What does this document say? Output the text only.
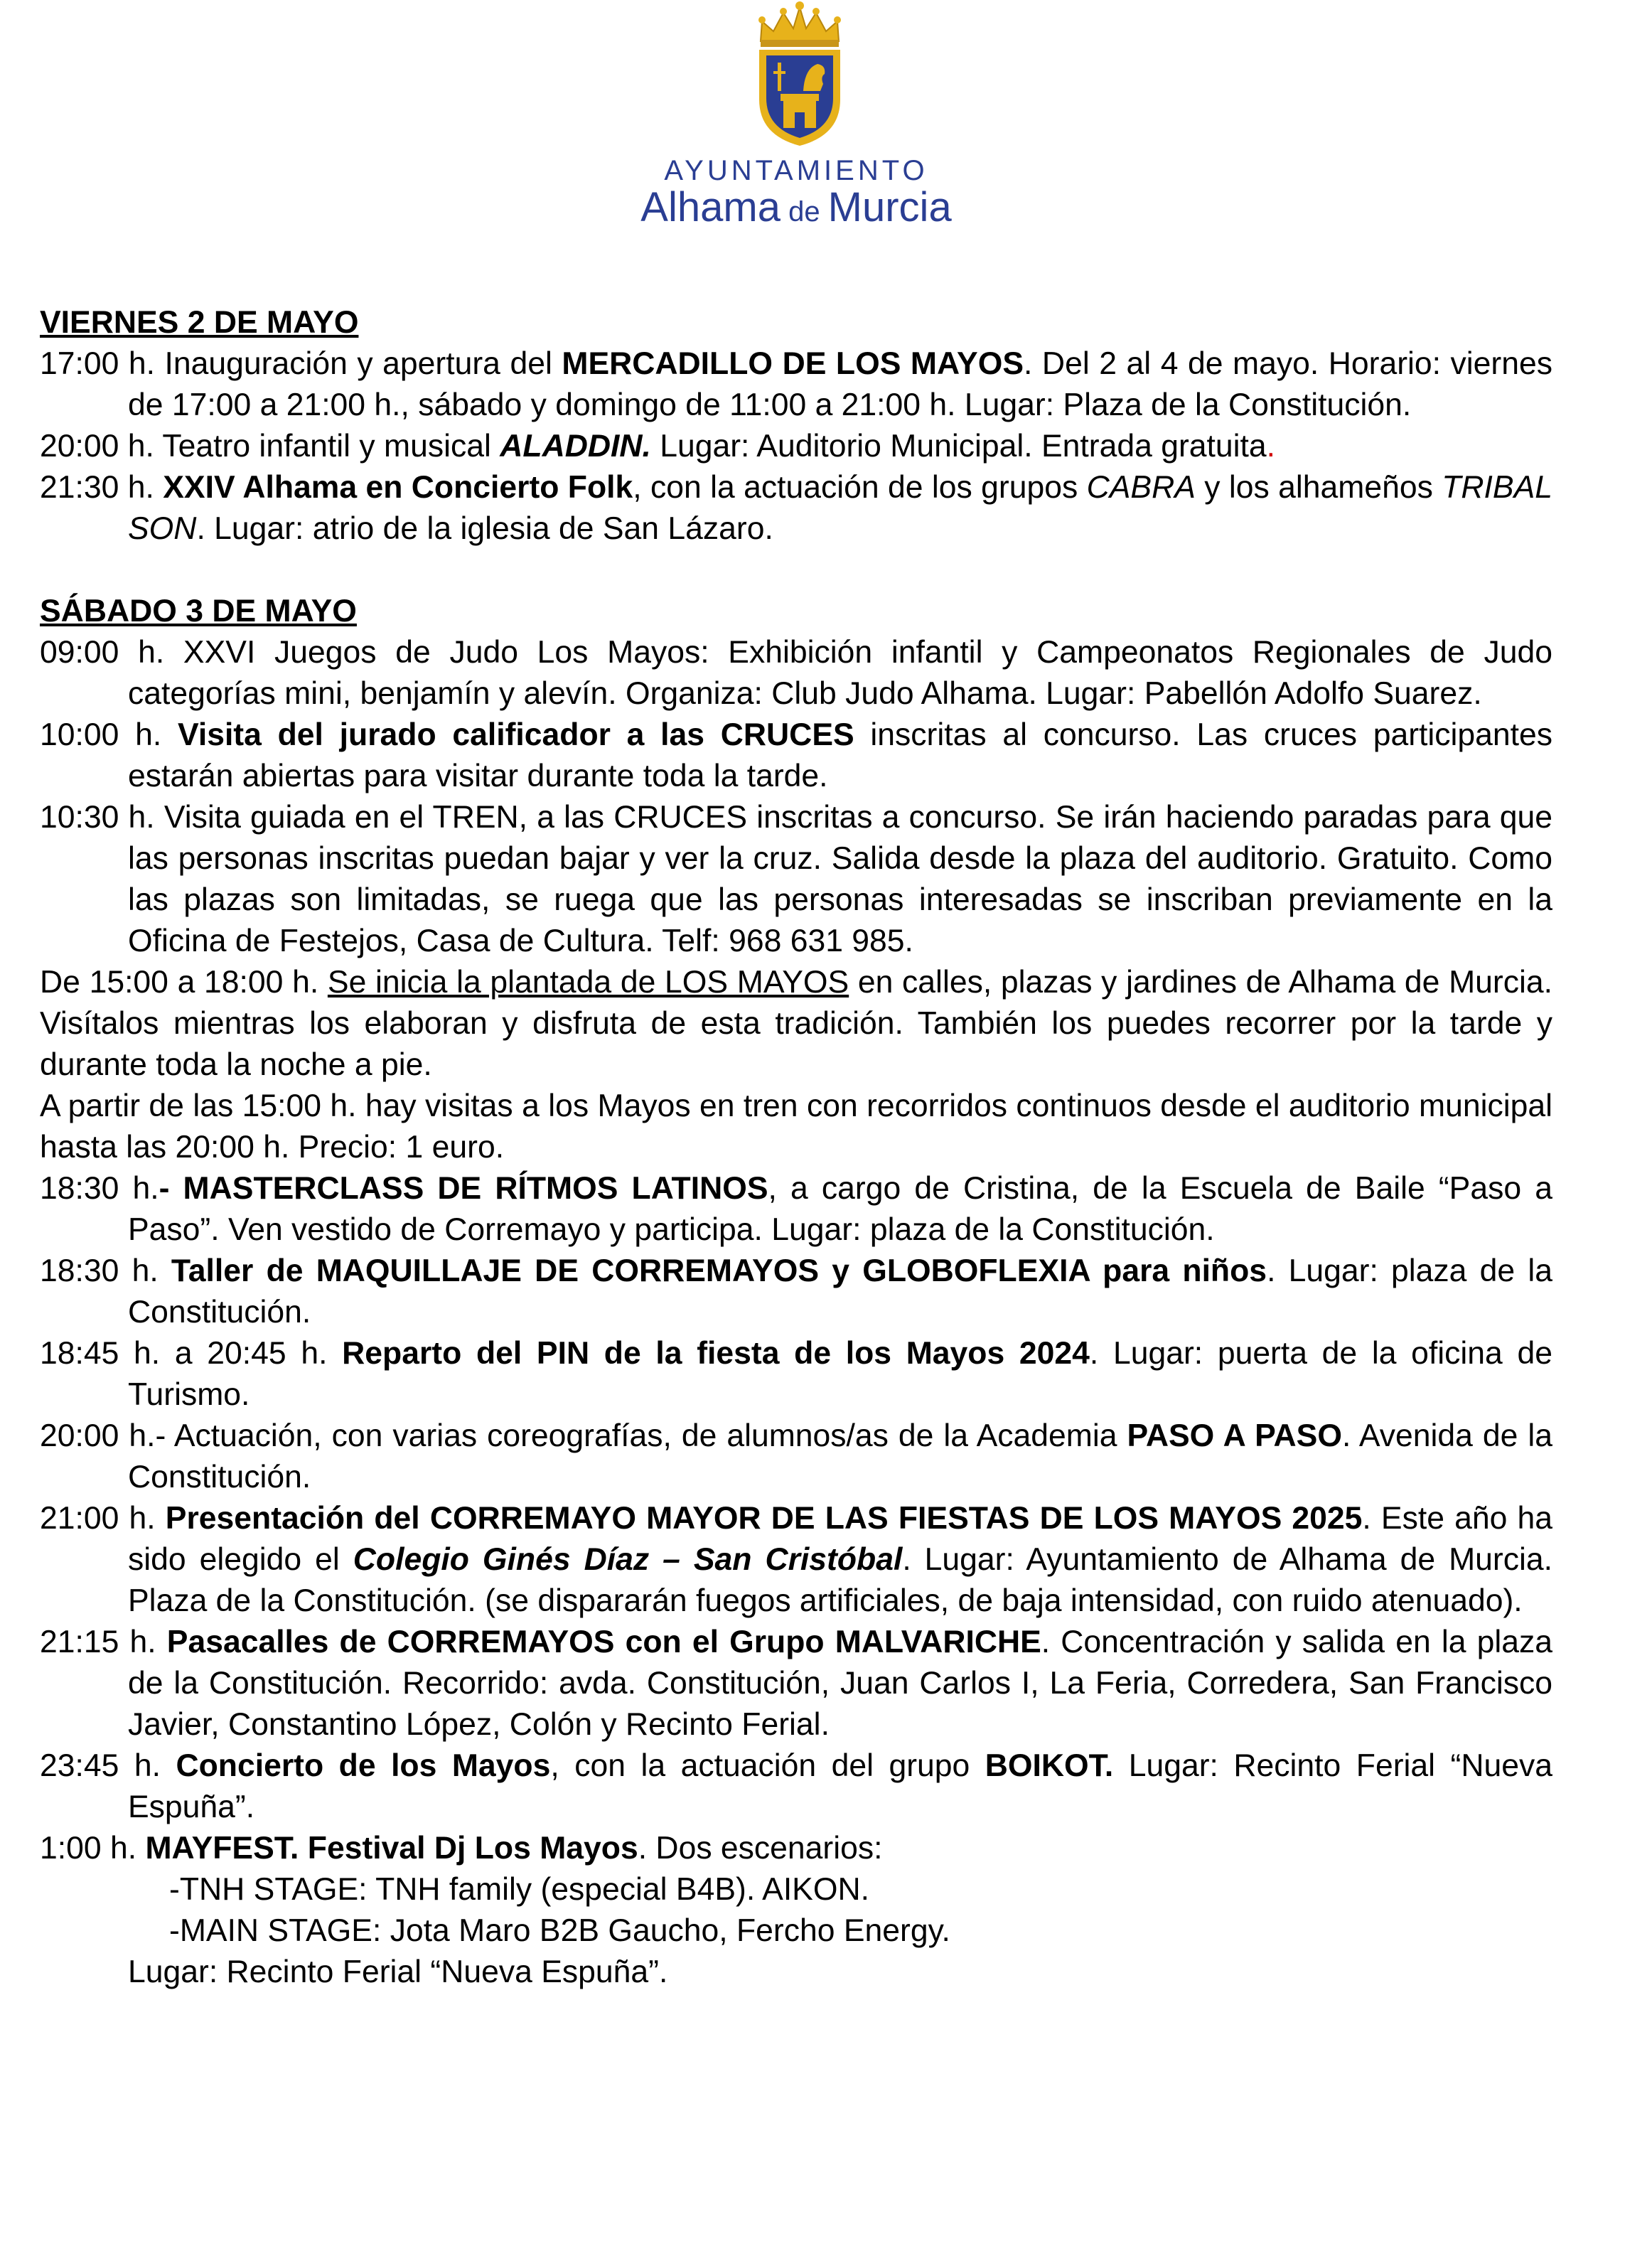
AYUNTAMIENTO
Alhama de Murcia
VIERNES 2 DE MAYO

17:00 h. Inauguración y apertura del MERCADILLO DE LOS MAYOS. Del 2 al 4 de mayo. Horario: viernes de 17:00 a 21:00 h., sábado y domingo de 11:00 a 21:00 h. Lugar: Plaza de la Constitución.

20:00 h. Teatro infantil y musical ALADDIN. Lugar: Auditorio Municipal. Entrada gratuita.

21:30 h. XXIV Alhama en Concierto Folk, con la actuación de los grupos CABRA y los alhameños TRIBAL SON. Lugar: atrio de la iglesia de San Lázaro.

SÁBADO 3 DE MAYO

09:00 h. XXVI Juegos de Judo Los Mayos: Exhibición infantil y Campeonatos Regionales de Judo categorías mini, benjamín y alevín. Organiza: Club Judo Alhama. Lugar: Pabellón Adolfo Suarez.

10:00 h. Visita del jurado calificador a las CRUCES inscritas al concurso. Las cruces participantes estarán abiertas para visitar durante toda la tarde.

10:30 h. Visita guiada en el TREN, a las CRUCES inscritas a concurso. Se irán haciendo paradas para que las personas inscritas puedan bajar y ver la cruz. Salida desde la plaza del auditorio. Gratuito. Como las plazas son limitadas, se ruega que las personas interesadas se inscriban previamente en la Oficina de Festejos, Casa de Cultura. Telf: 968 631 985.

De 15:00 a 18:00 h. Se inicia la plantada de LOS MAYOS en calles, plazas y jardines de Alhama de Murcia. Visítalos mientras los elaboran y disfruta de esta tradición. También los puedes recorrer por la tarde y durante toda la noche a pie.

A partir de las 15:00 h. hay visitas a los Mayos en tren con recorridos continuos desde el auditorio municipal hasta las 20:00 h. Precio: 1 euro.

18:30 h.- MASTERCLASS DE RÍTMOS LATINOS, a cargo de Cristina, de la Escuela de Baile “Paso a Paso”. Ven vestido de Corremayo y participa. Lugar: plaza de la Constitución.

18:30 h. Taller de MAQUILLAJE DE CORREMAYOS y GLOBOFLEXIA para niños. Lugar: plaza de la Constitución.

18:45 h. a 20:45 h. Reparto del PIN de la fiesta de los Mayos 2024. Lugar: puerta de la oficina de Turismo.

20:00 h.- Actuación, con varias coreografías, de alumnos/as de la Academia PASO A PASO. Avenida de la Constitución.

21:00 h. Presentación del CORREMAYO MAYOR DE LAS FIESTAS DE LOS MAYOS 2025. Este año ha sido elegido el Colegio Ginés Díaz – San Cristóbal. Lugar: Ayuntamiento de Alhama de Murcia. Plaza de la Constitución. (se dispararán fuegos artificiales, de baja intensidad, con ruido atenuado).

21:15 h. Pasacalles de CORREMAYOS con el Grupo MALVARICHE. Concentración y salida en la plaza de la Constitución. Recorrido: avda. Constitución, Juan Carlos I, La Feria, Corredera, San Francisco Javier, Constantino López, Colón y Recinto Ferial.

23:45 h. Concierto de los Mayos, con la actuación del grupo BOIKOT. Lugar: Recinto Ferial “Nueva Espuña”.

1:00 h. MAYFEST. Festival Dj Los Mayos. Dos escenarios:

-TNH STAGE: TNH family (especial B4B). AIKON.

-MAIN STAGE: Jota Maro B2B Gaucho, Fercho Energy.

Lugar: Recinto Ferial “Nueva Espuña”.
